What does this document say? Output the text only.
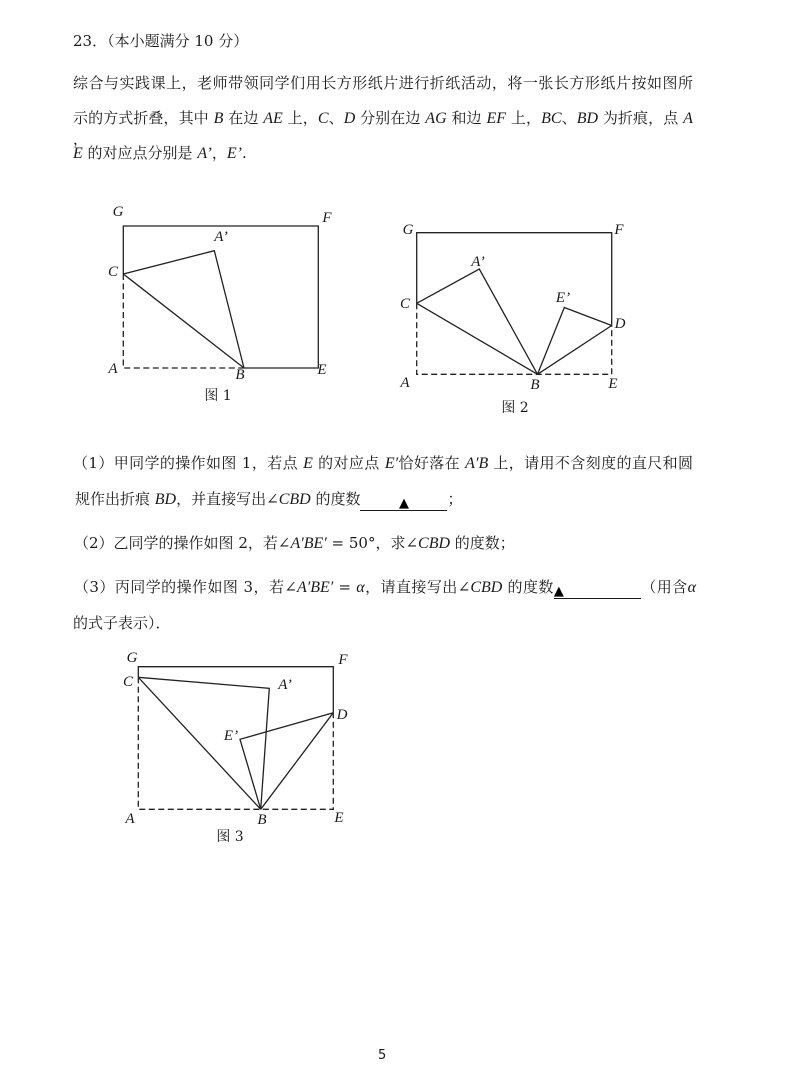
23．（本小题满分 10 分）
综合与实践课上，老师带领同学们用长方形纸片进行折纸活动，将一张长方形纸片按如图所
示的方式折叠，其中 B 在边 AE 上，C、D 分别在边 AG 和边 EF 上，BC、BD 为折痕，点 A ，
E 的对应点分别是 A’，E’.
（1）甲同学的操作如图 1，若点 E 的对应点 E′恰好落在 A′B 上，请用不含刻度的直尺和圆
规作出折痕 BD，并直接写出∠CBD 的度数	▲	；
（2）乙同学的操作如图 2，若∠A′BE′ = 50°，求∠CBD 的度数；
（3）丙同学的操作如图 3，若∠A′BE′ = α，请直接写出∠CBD 的度数▲	（用含α
的式子表示）．
G	F
A’
C
A	B	E
图 1
G	F
A’
C	E’
D
A	B	E
图 2
G	F
C	A’
D
E’
A	B	E
图 3
5
